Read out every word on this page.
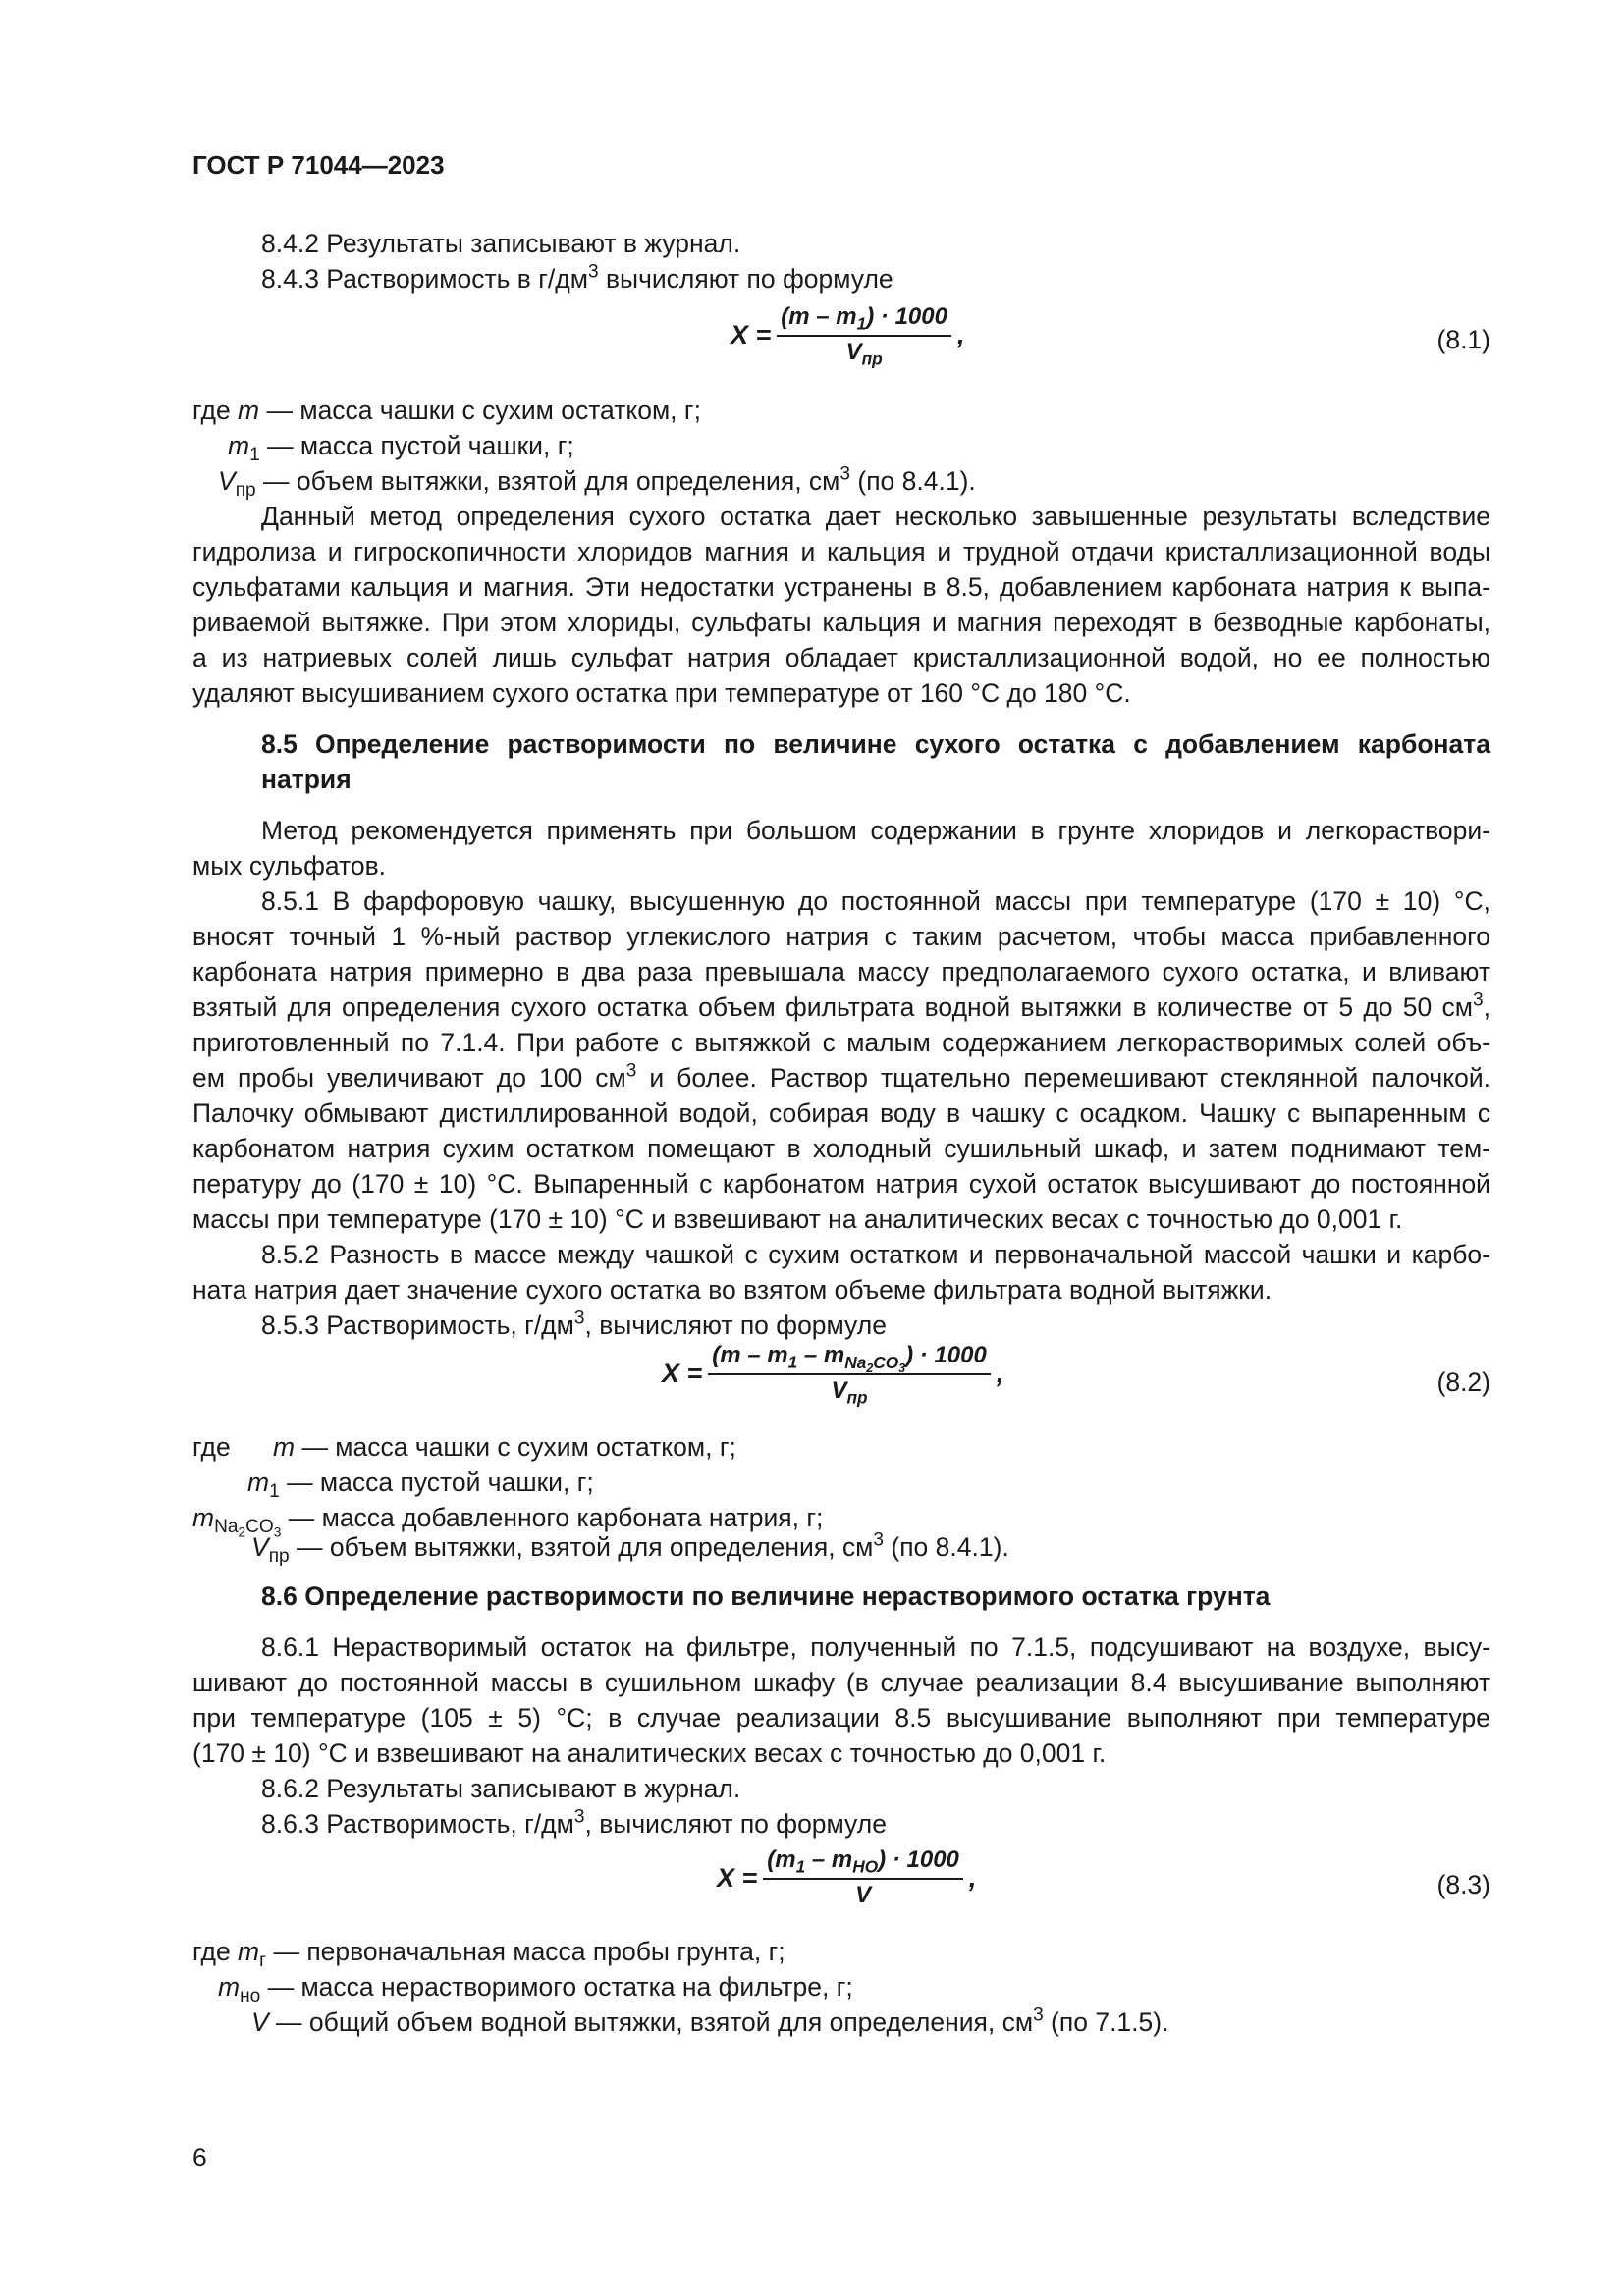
ГОСТ Р 71044—2023
8.4.2 Результаты записывают в журнал.
8.4.3 Растворимость в $г/дм^3$ вычисляют по формуле
$X = \frac{(m - m_1) \cdot 1000}{V_{пр}}$ ,	(8.1)
где m — масса чашки с сухим остатком, г;
$m_1$ — масса пустой чашки, г;
$V_{пр}$ — объем вытяжки, взятой для определения, $см^3$ (по 8.4.1).
Данный метод определения сухого остатка дает несколько завышенные результаты вследствие
гидролиза и гигроскопичности хлоридов магния и кальция и трудной отдачи кристаллизационной воды
сульфатами кальция и магния. Эти недостатки устранены в 8.5, добавлением карбоната натрия к выпа-
риваемой вытяжке. При этом хлориды, сульфаты кальция и магния переходят в безводные карбонаты,
а из натриевых солей лишь сульфат натрия обладает кристаллизационной водой, но ее полностью
удаляют высушиванием сухого остатка при температуре от 160 °С до 180 °С.
8.5 Определение растворимости по величине сухого остатка с добавлением карбоната
натрия
Метод рекомендуется применять при большом содержании в грунте хлоридов и легкораствори-
мых сульфатов.
8.5.1 В фарфоровую чашку, высушенную до постоянной массы при температуре (170 ± 10) °С,
вносят точный 1 %-ный раствор углекислого натрия с таким расчетом, чтобы масса прибавленного
карбоната натрия примерно в два раза превышала массу предполагаемого сухого остатка, и вливают
взятый для определения сухого остатка объем фильтрата водной вытяжки в количестве от 5 до 50 $см^3$,
приготовленный по 7.1.4. При работе с вытяжкой с малым содержанием легкорастворимых солей объ-
ем пробы увеличивают до 100 $см^3$ и более. Раствор тщательно перемешивают стеклянной палочкой.
Палочку обмывают дистиллированной водой, собирая воду в чашку с осадком. Чашку с выпаренным с
карбонатом натрия сухим остатком помещают в холодный сушильный шкаф, и затем поднимают тем-
пературу до (170 ± 10) °С. Выпаренный с карбонатом натрия сухой остаток высушивают до постоянной
массы при температуре (170 ± 10) °С и взвешивают на аналитических весах с точностью до 0,001 г.
8.5.2 Разность в массе между чашкой с сухим остатком и первоначальной массой чашки и карбо-
ната натрия дает значение сухого остатка во взятом объеме фильтрата водной вытяжки.
8.5.3 Растворимость, $г/дм^3$, вычисляют по формуле
$X = \frac{(m - m_1 - m_{Na_2CO_3}) \cdot 1000}{V_{пр}}$ ,	(8.2)
где m — масса чашки с сухим остатком, г;
$m_1$ — масса пустой чашки, г;
$m_{Na_2CO_3}$ — масса добавленного карбоната натрия, г;
$V_{пр}$ — объем вытяжки, взятой для определения, $см^3$ (по 8.4.1).
8.6 Определение растворимости по величине нерастворимого остатка грунта
8.6.1 Нерастворимый остаток на фильтре, полученный по 7.1.5, подсушивают на воздухе, высу-
шивают до постоянной массы в сушильном шкафу (в случае реализации 8.4 высушивание выполняют
при температуре (105 ± 5) °С; в случае реализации 8.5 высушивание выполняют при температуре
(170 ± 10) °С и взвешивают на аналитических весах с точностью до 0,001 г.
8.6.2 Результаты записывают в журнал.
8.6.3 Растворимость, $г/дм^3$, вычисляют по формуле
$X = \frac{(m_1 - m_{НО}) \cdot 1000}{V}$ ,	(8.3)
где $m_г$ — первоначальная масса пробы грунта, г;
$m_{но}$ — масса нерастворимого остатка на фильтре, г;
V — общий объем водной вытяжки, взятой для определения, $см^3$ (по 7.1.5).
6
